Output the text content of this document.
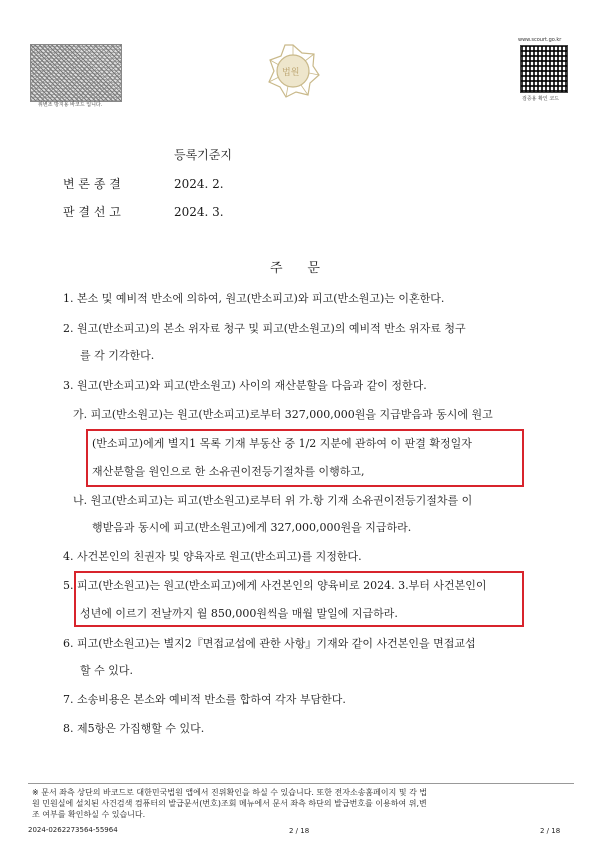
위변조 방지용 바코드 입니다.
법원
www.scourt.go.kr
검증용 확인 코드
등록기준지
변 론 종 결	2024. 2.
판 결 선 고	2024. 3.
주      문
1. 본소 및 예비적 반소에 의하여, 원고(반소피고)와 피고(반소원고)는 이혼한다.
2. 원고(반소피고)의 본소 위자료 청구 및 피고(반소원고)의 예비적 반소 위자료 청구
를 각 기각한다.
3. 원고(반소피고)와 피고(반소원고) 사이의 재산분할을 다음과 같이 정한다.
가. 피고(반소원고)는 원고(반소피고)로부터 327,000,000원을 지급받음과 동시에 원고
(반소피고)에게 별지1 목록 기재 부동산 중 1/2 지분에 관하여 이 판결 확정일자
재산분할을 원인으로 한 소유권이전등기절차를 이행하고,
나. 원고(반소피고)는 피고(반소원고)로부터 위 가.항 기재 소유권이전등기절차를 이
행받음과 동시에 피고(반소원고)에게 327,000,000원을 지급하라.
4. 사건본인의 친권자 및 양육자로 원고(반소피고)를 지정한다.
5. 피고(반소원고)는 원고(반소피고)에게 사건본인의 양육비로 2024. 3.부터 사건본인이
성년에 이르기 전날까지 월 850,000원씩을 매월 말일에 지급하라.
6. 피고(반소원고)는 별지2『면접교섭에 관한 사항』기재와 같이 사건본인을 면접교섭
할 수 있다.
7. 소송비용은 본소와 예비적 반소를 합하여 각자 부담한다.
8. 제5항은 가집행할 수 있다.
※ 문서 좌측 상단의 바코드로 대한민국법원 앱에서 진위확인을 하실 수 있습니다. 또한 전자소송홈페이지 및 각 법
원 민원실에 설치된 사건검색 컴퓨터의 발급문서(번호)조회 메뉴에서 문서 좌측 하단의 발급번호를 이용하여 위,변
조 여부를 확인하실 수 있습니다.
2024-0262273564-55964	2 / 18	2 / 18
